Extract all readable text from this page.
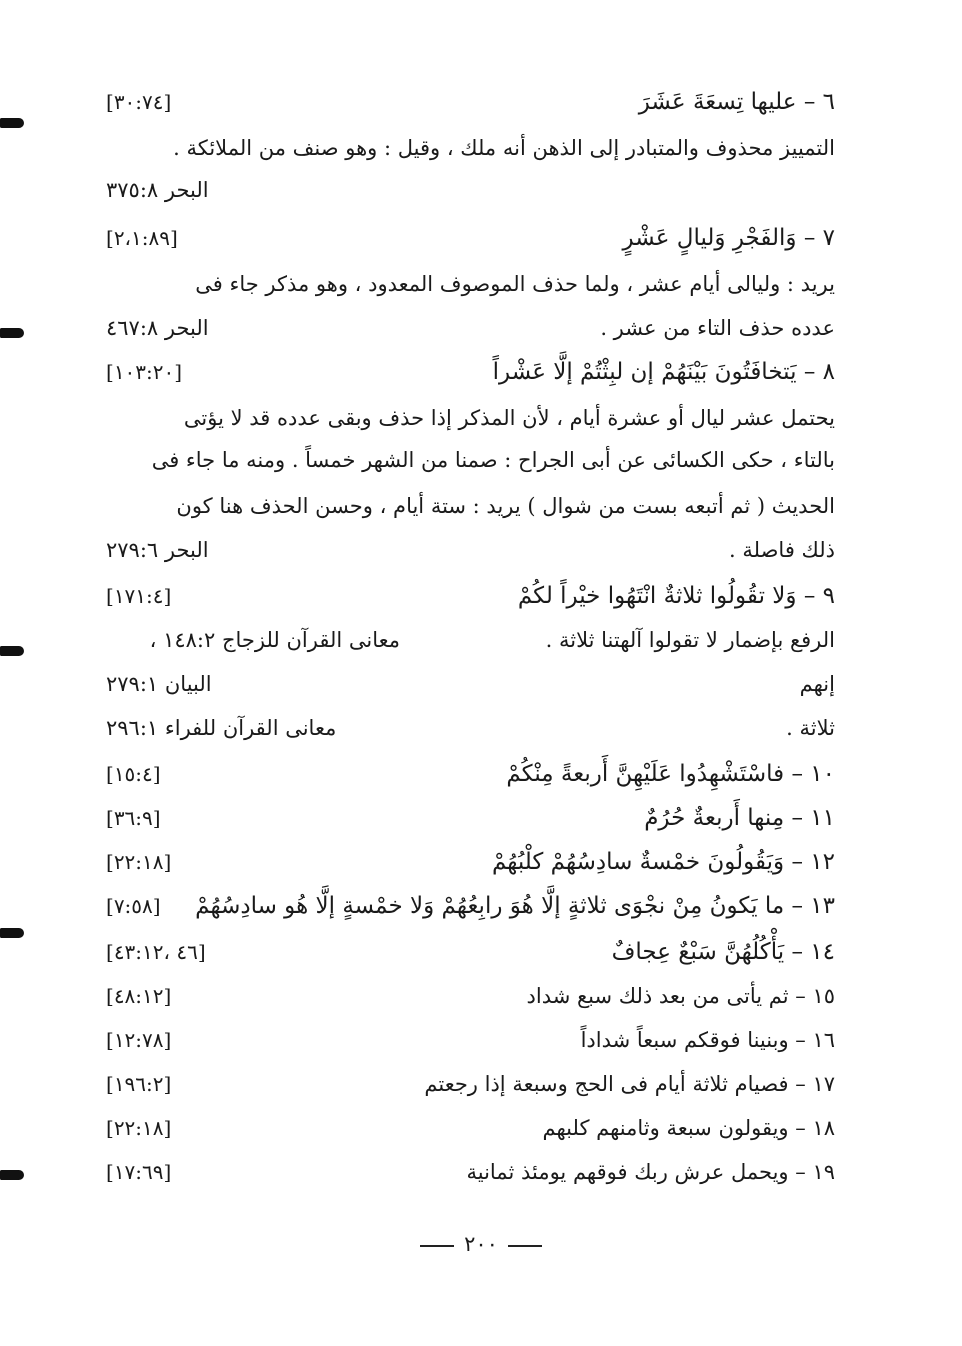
٦ – عليها تِسعَةَ عَشَرَ
[٣٠:٧٤]
التمييز محذوف والمتبادر إلى الذهن أنه ملك ، وقيل : وهو صنف من الملائكة .
البحر ٣٧٥:٨
٧ – وَالفَجْرِ وَليالٍ عَشْرٍ
[٢،١:٨٩]
يريد : وليالى أيام عشر ، ولما حذف الموصوف المعدود ، وهو مذكر جاء فى
عدده حذف التاء من عشر .
البحر ٤٦٧:٨
٨ – يَتخافَتُونَ بَيْنَهُمْ إن لبِثْتُمْ إلَّا عَشْراً
[١٠٣:٢٠]
يحتمل عشر ليال أو عشرة أيام ، لأن المذكر إذا حذف وبقى عدده قد لا يؤتى
بالتاء ، حكى الكسائى عن أبى الجراح : صمنا من الشهر خمساً . ومنه ما جاء فى
الحديث ( ثم أتبعه بست من شوال ) يريد : ستة أيام ، وحسن الحذف هنا كون
ذلك فاصلة .
البحر ٢٧٩:٦
٩ – وَلا تقُولُوا ثلاثةٌ انْتَهُوا خيْراً لكُمْ
[١٧١:٤]
الرفع بإضمار لا تقولوا آلهتنا ثلاثة .
معانى القرآن للزجاج ١٤٨:٢ ،
إنهم
البيان ٢٧٩:١
ثلاثة .
معانى القرآن للفراء ٢٩٦:١
١٠ – فاسْتَشْهِدُوا عَلَيْهِنَّ أَربعةً مِنْكُمْ
[١٥:٤]
١١ – مِنها أَربعةٌ حُرُمٌ
[٣٦:٩]
١٢ – وَيَقُولُونَ خمْسةٌ سادِسُهُمْ كلْبُهُمْ
[٢٢:١٨]
١٣ – ما يَكونُ مِنْ نجْوَى ثلاثةٍ إلَّا هُوَ رابِعُهُمْ وَلا خمْسةٍ إلَّا هُو سادِسُهُمْ
[٧:٥٨]
١٤ – يَأْكُلُهُنَّ سَبْعٌ عِجافٌ
[٤٦ ،٤٣:١٢]
١٥ – ثم يأتى من بعد ذلك سبع شداد
[٤٨:١٢]
١٦ – وبنينا فوقكم سبعاً شداداً
[١٢:٧٨]
١٧ – فصيام ثلاثة أيام فى الحج وسبعة إذا رجعتم
[١٩٦:٢]
١٨ – ويقولون سبعة وثامنهم كلبهم
[٢٢:١٨]
١٩ – ويحمل عرش ربك فوقهم يومئذ ثمانية
[١٧:٦٩]
٢٠٠
